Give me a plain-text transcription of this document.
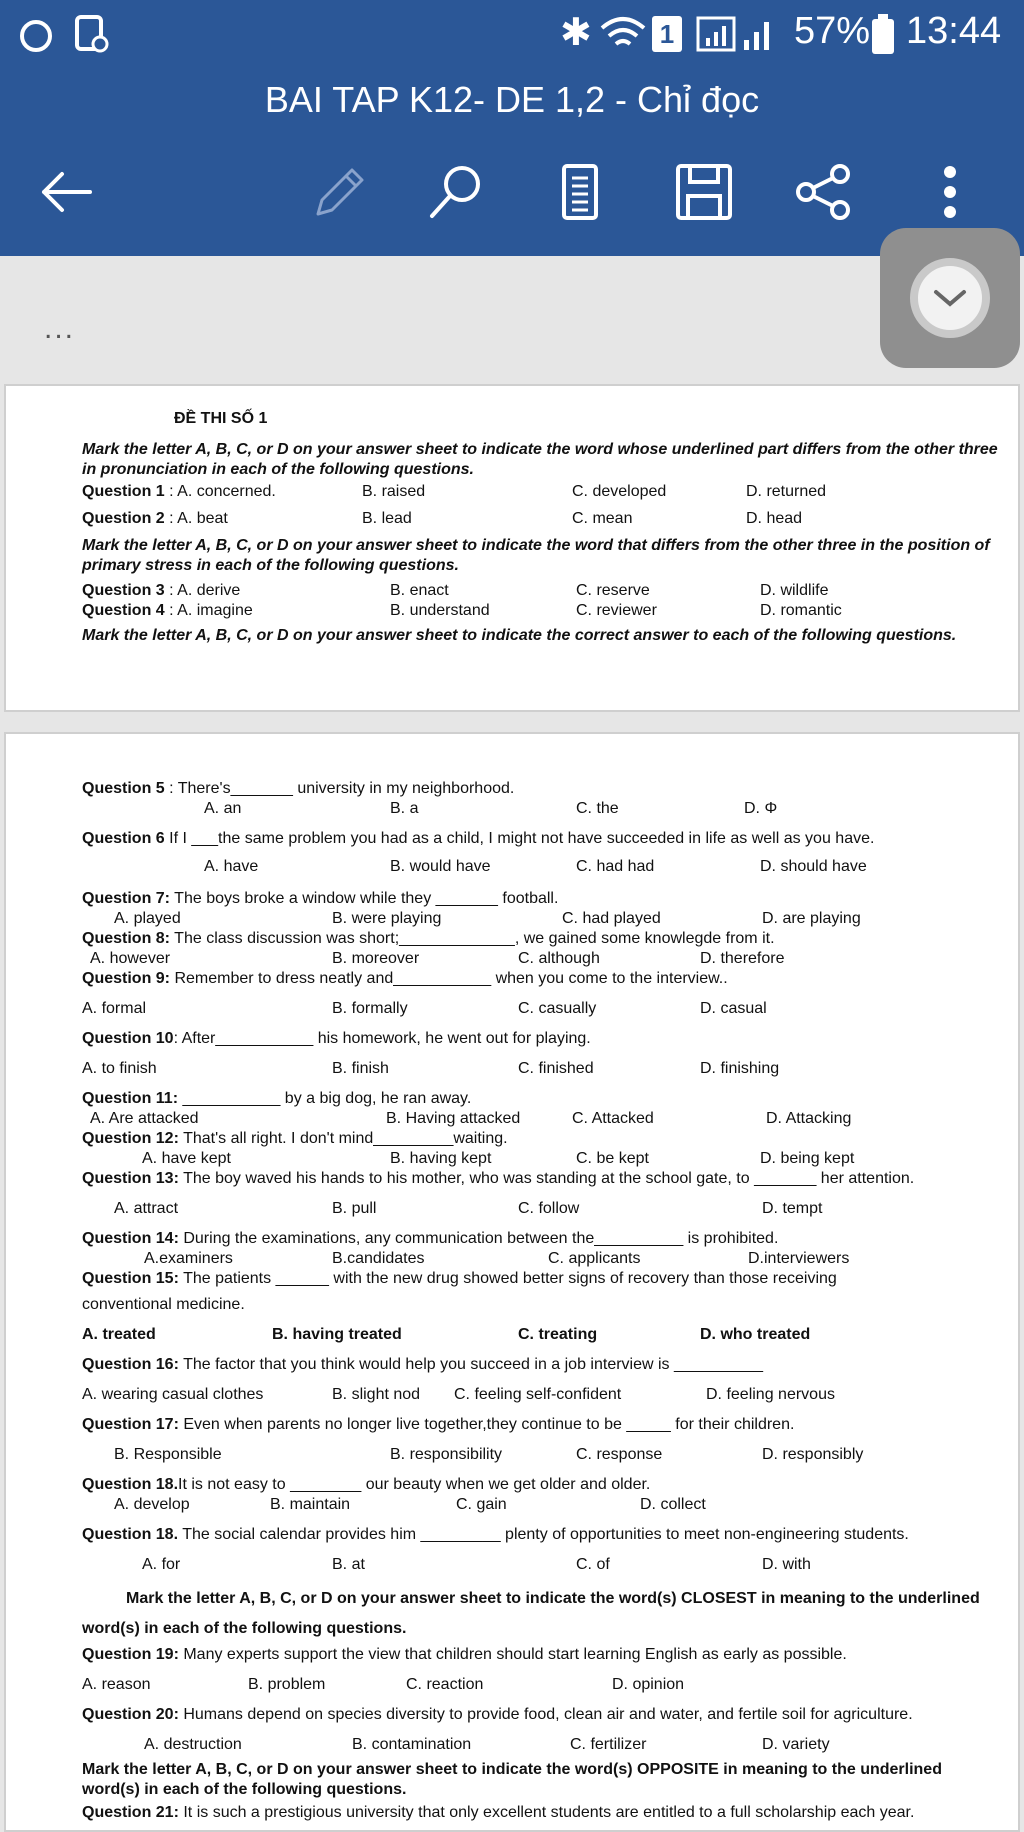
✱	1	57% 13:44
BAI TAP K12- DE 1,2 - Chỉ đọc
...
ĐỀ THI SỐ 1
Mark the letter A, B, C, or D on your answer sheet to indicate the word whose underlined part differs from the other three in pronunciation in each of the following questions.
Question 1 : A. concerned.	B. raised	C. developed	D. returned
Question 2 : A. beat	B. lead	C. mean	D. head
Mark the letter A, B, C, or D on your answer sheet to indicate the word that differs from the other three in the position of primary stress in each of the following questions.
Question 3 : A. derive	B. enact	C. reserve	D. wildlife
Question 4 : A. imagine	B. understand	C. reviewer	D. romantic
Mark the letter A, B, C, or D on your answer sheet to indicate the correct answer to each of the following questions.
Question 5 : There's_______ university in my neighborhood.
A. an	B. a	C. the	D. Φ
Question 6 If I ___the same problem you had as a child, I might not have succeeded in life as well as you have.
A. have	B. would have	C. had had	D. should have
Question 7: The boys broke a window while they _______ football.
A. played	B. were playing	C. had played	D. are playing
Question 8: The class discussion was short;_____________, we gained some knowlegde from it.
A. however	B. moreover	C. although	D. therefore
Question 9: Remember to dress neatly and___________ when you come to the interview..
A. formal	B. formally	C. casually	D. casual
Question 10: After___________ his homework, he went out for playing.
A. to finish	B. finish	C. finished	D. finishing
Question 11: ___________ by a big dog, he ran away.
A. Are attacked	B. Having attacked	C. Attacked	D. Attacking
Question 12: That's all right. I don't mind_________waiting.
A. have kept	B. having kept	C. be kept	D. being kept
Question 13: The boy waved his hands to his mother, who was standing at the school gate, to _______ her attention.
A. attract	B. pull	C. follow	D. tempt
Question 14: During the examinations, any communication between the__________ is prohibited.
A.examiners	B.candidates	C. applicants	D.interviewers
Question 15: The patients ______ with the new drug showed better signs of recovery than those receiving
conventional medicine.
A. treated	B. having treated	C. treating	D. who treated
Question 16: The factor that you think would help you succeed in a job interview is __________
A. wearing casual clothes	B. slight nod C. feeling self-confident	D. feeling nervous
Question 17: Even when parents no longer live together,they continue to be _____ for their children.
B. Responsible	B. responsibility	C. response	D. responsibly
Question 18.It is not easy to ________ our beauty when we get older and older.
A. develop	B. maintain	C. gain	D. collect
Question 18. The social calendar provides him _________ plenty of opportunities to meet non-engineering students.
A. for	B. at	C. of	D. with
Mark the letter A, B, C, or D on your answer sheet to indicate the word(s) CLOSEST in meaning to the underlined word(s) in each of the following questions.
Question 19: Many experts support the view that children should start learning English as early as possible.
A. reason	B. problem	C. reaction	D. opinion
Question 20: Humans depend on species diversity to provide food, clean air and water, and fertile soil for agriculture.
A. destruction	B. contamination	C. fertilizer	D. variety
Mark the letter A, B, C, or D on your answer sheet to indicate the word(s) OPPOSITE in meaning to the underlined word(s) in each of the following questions.
Question 21: It is such a prestigious university that only excellent students are entitled to a full scholarship each year.
